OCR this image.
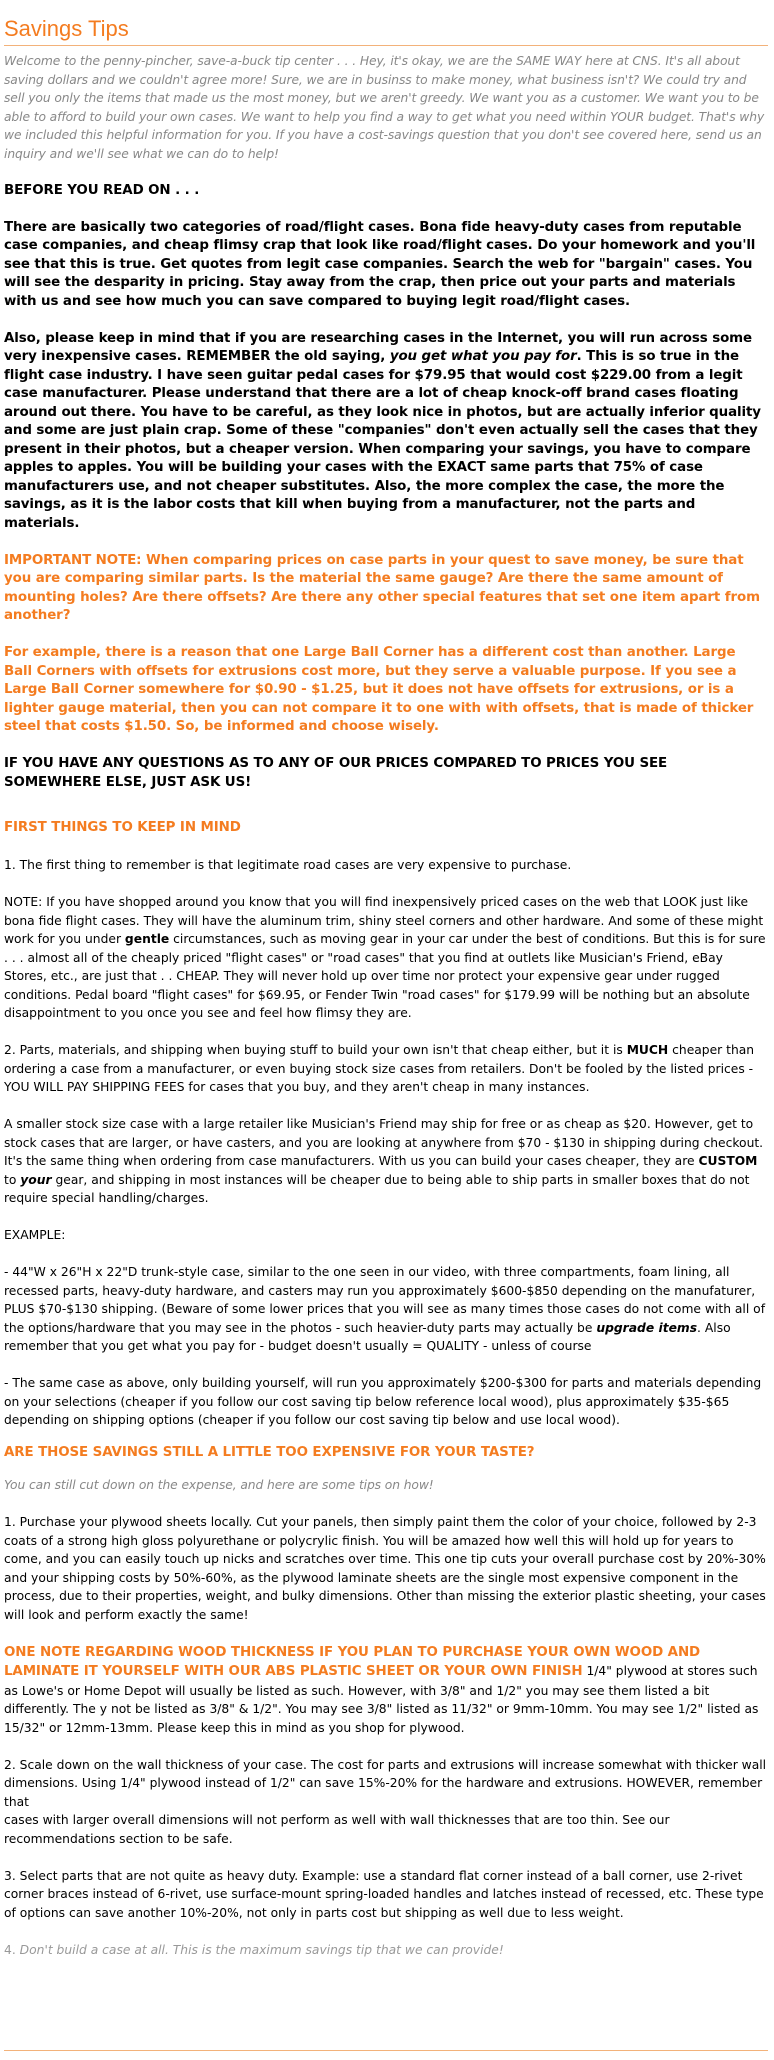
Savings Tips

Welcome to the penny-pincher, save-a-buck tip center . . . Hey, it's okay, we are the SAME WAY here at CNS. It's all about saving dollars and we couldn't agree more! Sure, we are in businss to make money, what business isn't? We could try and sell you only the items that made us the most money, but we aren't greedy. We want you as a customer. We want you to be able to afford to build your own cases. We want to help you find a way to get what you need within YOUR budget. That's why we included this helpful information for you. If you have a cost-savings question that you don't see covered here, send us an inquiry and we'll see what we can do to help!

BEFORE YOU READ ON . . .

There are basically two categories of road/flight cases. Bona fide heavy-duty cases from reputable case companies, and cheap flimsy crap that look like road/flight cases. Do your homework and you'll see that this is true. Get quotes from legit case companies. Search the web for "bargain" cases. You will see the desparity in pricing. Stay away from the crap, then price out your parts and materials with us and see how much you can save compared to buying legit road/flight cases.

Also, please keep in mind that if you are researching cases in the Internet, you will run across some very inexpensive cases. REMEMBER the old saying, you get what you pay for. This is so true in the flight case industry. I have seen guitar pedal cases for $79.95 that would cost $229.00 from a legit case manufacturer. Please understand that there are a lot of cheap knock-off brand cases floating around out there. You have to be careful, as they look nice in photos, but are actually inferior quality and some are just plain crap. Some of these "companies" don't even actually sell the cases that they present in their photos, but a cheaper version. When comparing your savings, you have to compare apples to apples. You will be building your cases with the EXACT same parts that 75% of case manufacturers use, and not cheaper substitutes. Also, the more complex the case, the more the savings, as it is the labor costs that kill when buying from a manufacturer, not the parts and materials.

IMPORTANT NOTE: When comparing prices on case parts in your quest to save money, be sure that you are comparing similar parts. Is the material the same gauge? Are there the same amount of mounting holes? Are there offsets? Are there any other special features that set one item apart from another?

For example, there is a reason that one Large Ball Corner has a different cost than another. Large Ball Corners with offsets for extrusions cost more, but they serve a valuable purpose. If you see a Large Ball Corner somewhere for $0.90 - $1.25, but it does not have offsets for extrusions, or is a lighter gauge material, then you can not compare it to one with with offsets, that is made of thicker steel that costs $1.50. So, be informed and choose wisely.

IF YOU HAVE ANY QUESTIONS AS TO ANY OF OUR PRICES COMPARED TO PRICES YOU SEE SOMEWHERE ELSE, JUST ASK US!

FIRST THINGS TO KEEP IN MIND

1. The first thing to remember is that legitimate road cases are very expensive to purchase.

NOTE: If you have shopped around you know that you will find inexpensively priced cases on the web that LOOK just like bona fide flight cases. They will have the aluminum trim, shiny steel corners and other hardware. And some of these might work for you under gentle circumstances, such as moving gear in your car under the best of conditions. But this is for sure . . . almost all of the cheaply priced "flight cases" or "road cases" that you find at outlets like Musician's Friend, eBay Stores, etc., are just that . . CHEAP. They will never hold up over time nor protect your expensive gear under rugged conditions. Pedal board "flight cases" for $69.95, or Fender Twin "road cases" for $179.99 will be nothing but an absolute disappointment to you once you see and feel how flimsy they are.

2. Parts, materials, and shipping when buying stuff to build your own isn't that cheap either, but it is MUCH cheaper than ordering a case from a manufacturer, or even buying stock size cases from retailers. Don't be fooled by the listed prices - YOU WILL PAY SHIPPING FEES for cases that you buy, and they aren't cheap in many instances.

A smaller stock size case with a large retailer like Musician's Friend may ship for free or as cheap as $20. However, get to stock cases that are larger, or have casters, and you are looking at anywhere from $70 - $130 in shipping during checkout. It's the same thing when ordering from case manufacturers. With us you can build your cases cheaper, they are CUSTOM to your gear, and shipping in most instances will be cheaper due to being able to ship parts in smaller boxes that do not require special handling/charges.

EXAMPLE:

- 44"W x 26"H x 22"D trunk-style case, similar to the one seen in our video, with three compartments, foam lining, all recessed parts, heavy-duty hardware, and casters may run you approximately $600-$850 depending on the manufaturer, PLUS $70-$130 shipping. (Beware of some lower prices that you will see as many times those cases do not come with all of the options/hardware that you may see in the photos - such heavier-duty parts may actually be upgrade items. Also remember that you get what you pay for - budget doesn't usually = QUALITY - unless of course

- The same case as above, only building yourself, will run you approximately $200-$300 for parts and materials depending on your selections (cheaper if you follow our cost saving tip below reference local wood), plus approximately $35-$65 depending on shipping options (cheaper if you follow our cost saving tip below and use local wood).

ARE THOSE SAVINGS STILL A LITTLE TOO EXPENSIVE FOR YOUR TASTE?

You can still cut down on the expense, and here are some tips on how!

1. Purchase your plywood sheets locally. Cut your panels, then simply paint them the color of your choice, followed by 2-3 coats of a strong high gloss polyurethane or polycrylic finish. You will be amazed how well this will hold up for years to come, and you can easily touch up nicks and scratches over time. This one tip cuts your overall purchase cost by 20%-30% and your shipping costs by 50%-60%, as the plywood laminate sheets are the single most expensive component in the process, due to their properties, weight, and bulky dimensions. Other than missing the exterior plastic sheeting, your cases will look and perform exactly the same!

ONE NOTE REGARDING WOOD THICKNESS IF YOU PLAN TO PURCHASE YOUR OWN WOOD AND LAMINATE IT YOURSELF WITH OUR ABS PLASTIC SHEET OR YOUR OWN FINISH 1/4" plywood at stores such as Lowe's or Home Depot will usually be listed as such. However, with 3/8" and 1/2" you may see them listed a bit differently. The y not be listed as 3/8" & 1/2". You may see 3/8" listed as 11/32" or 9mm-10mm. You may see 1/2" listed as 15/32" or 12mm-13mm. Please keep this in mind as you shop for plywood.

2. Scale down on the wall thickness of your case. The cost for parts and extrusions will increase somewhat with thicker wall dimensions. Using 1/4" plywood instead of 1/2" can save 15%-20% for the hardware and extrusions. HOWEVER, remember that
cases with larger overall dimensions will not perform as well with wall thicknesses that are too thin. See our recommendations section to be safe.

3. Select parts that are not quite as heavy duty. Example: use a standard flat corner instead of a ball corner, use 2-rivet corner braces instead of 6-rivet, use surface-mount spring-loaded handles and latches instead of recessed, etc. These type of options can save another 10%-20%, not only in parts cost but shipping as well due to less weight.

4. Don't build a case at all. This is the maximum savings tip that we can provide!
